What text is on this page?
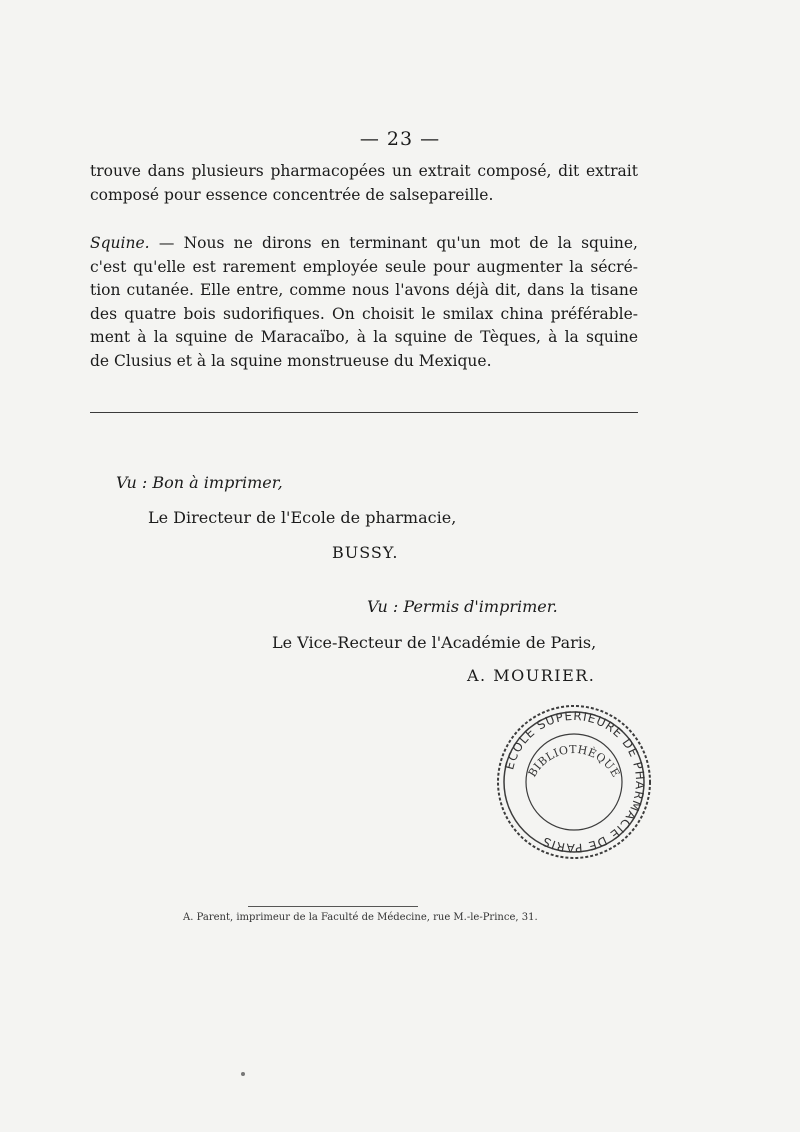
— 23 —

trouve dans plusieurs pharmacopées un extrait composé, dit extrait
composé pour essence concentrée de salsepareille.

Squine. — Nous ne dirons en terminant qu'un mot de la squine,
c'est qu'elle est rarement employée seule pour augmenter la sécré-
tion cutanée. Elle entre, comme nous l'avons déjà dit, dans la tisane
des quatre bois sudorifiques. On choisit le smilax china préférable-
ment à la squine de Maracaïbo, à la squine de Tèques, à la squine
de Clusius et à la squine monstrueuse du Mexique.

Vu : Bon à imprimer,
Le Directeur de l'Ecole de pharmacie,
BUSSY.
Vu : Permis d'imprimer.
Le Vice-Recteur de l'Académie de Paris,
A. MOURIER.
ECOLE SUPERIEURE DE PHARMACIE DE PARIS
BIBLIOTHÈQUE
A. Parent, imprimeur de la Faculté de Médecine, rue M.-le-Prince, 31.
